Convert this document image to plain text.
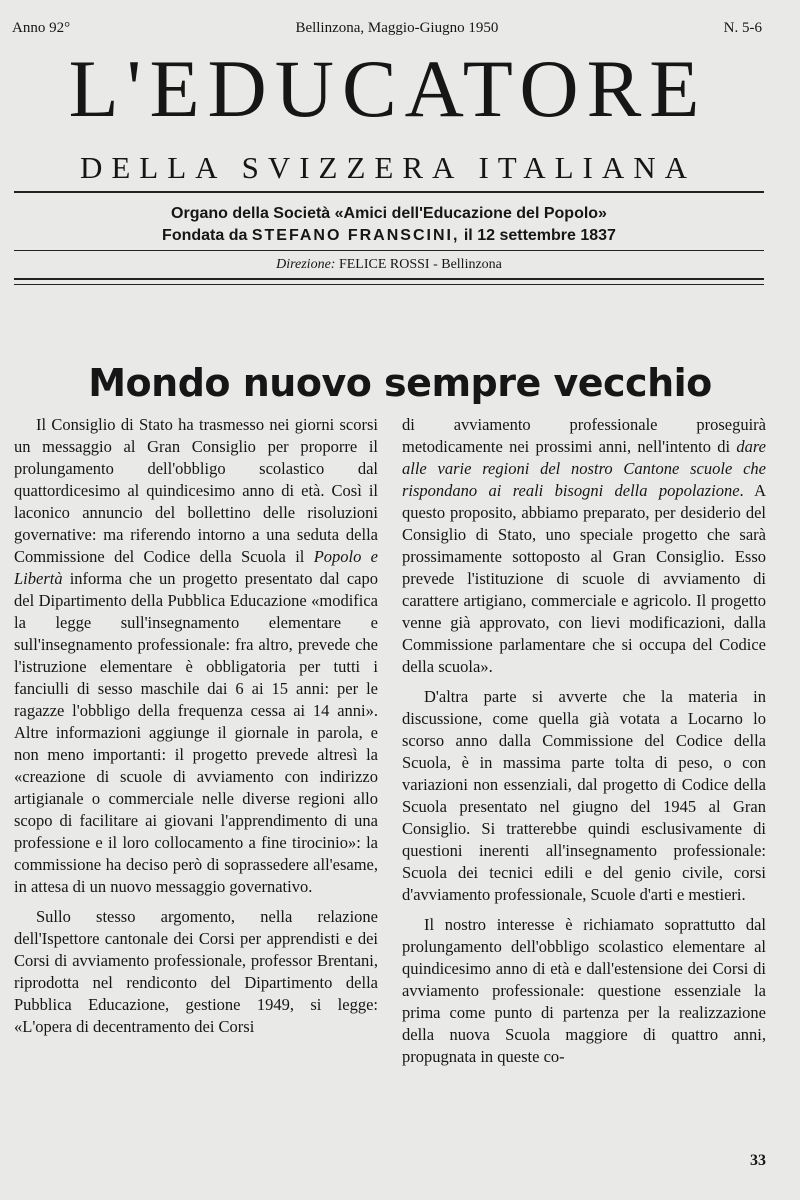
Anno 92°	Bellinzona, Maggio-Giugno 1950	N. 5-6
L'EDUCATORE
DELLA SVIZZERA ITALIANA
Organo della Società «Amici dell'Educazione del Popolo»
Fondata da STEFANO FRANSCINI, il 12 settembre 1837
Direzione: FELICE ROSSI - Bellinzona
Mondo nuovo sempre vecchio

Il Consiglio di Stato ha trasmesso nei giorni scorsi un messaggio al Gran Consiglio per proporre il prolungamento dell'obbligo scolastico dal quattordicesimo al quindicesimo anno di età. Così il laconico annuncio del bollettino delle risoluzioni governative: ma riferendo intorno a una seduta della Commissione del Codice della Scuola il Popolo e Libertà informa che un progetto presentato dal capo del Dipartimento della Pubblica Educazione «modifica la legge sull'insegnamento elementare e sull'insegnamento professionale: fra altro, prevede che l'istruzione elementare è obbligatoria per tutti i fanciulli di sesso maschile dai 6 ai 15 anni: per le ragazze l'obbligo della frequenza cessa ai 14 anni». Altre informazioni aggiunge il giornale in parola, e non meno importanti: il progetto prevede altresì la «creazione di scuole di avviamento con indirizzo artigianale o commerciale nelle diverse regioni allo scopo di facilitare ai giovani l'apprendimento di una professione e il loro collocamento a fine tirocinio»: la commissione ha deciso però di soprassedere all'esame, in attesa di un nuovo messaggio governativo.

Sullo stesso argomento, nella relazione dell'Ispettore cantonale dei Corsi per apprendisti e dei Corsi di avviamento professionale, professor Brentani, riprodotta nel rendiconto del Dipartimento della Pubblica Educazione, gestione 1949, si legge: «L'opera di decentramento dei Corsi

di avviamento professionale proseguirà metodicamente nei prossimi anni, nell'intento di dare alle varie regioni del nostro Cantone scuole che rispondano ai reali bisogni della popolazione. A questo proposito, abbiamo preparato, per desiderio del Consiglio di Stato, uno speciale progetto che sarà prossimamente sottoposto al Gran Consiglio. Esso prevede l'istituzione di scuole di avviamento di carattere artigiano, commerciale e agricolo. Il progetto venne già approvato, con lievi modificazioni, dalla Commissione parlamentare che si occupa del Codice della scuola».

D'altra parte si avverte che la materia in discussione, come quella già votata a Locarno lo scorso anno dalla Commissione del Codice della Scuola, è in massima parte tolta di peso, o con variazioni non essenziali, dal progetto di Codice della Scuola presentato nel giugno del 1945 al Gran Consiglio. Si tratterebbe quindi esclusivamente di questioni inerenti all'insegnamento professionale: Scuola dei tecnici edili e del genio civile, corsi d'avviamento professionale, Scuole d'arti e mestieri.

Il nostro interesse è richiamato soprattutto dal prolungamento dell'obbligo scolastico elementare al quindicesimo anno di età e dall'estensione dei Corsi di avviamento professionale: questione essenziale la prima come punto di partenza per la realizzazione della nuova Scuola maggiore di quattro anni, propugnata in queste co-

33
